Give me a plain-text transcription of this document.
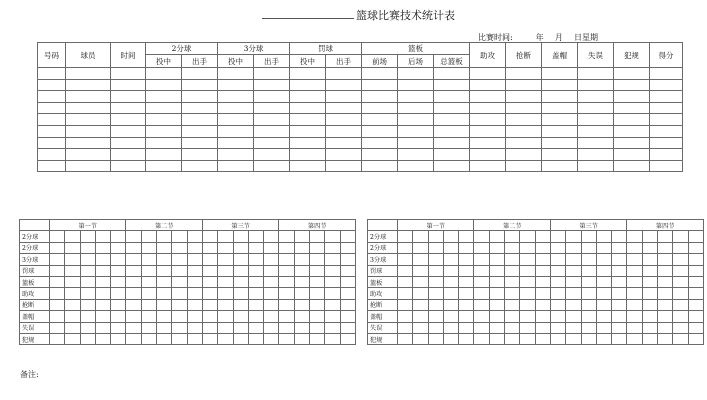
篮球比赛技术统计表
比赛时间:	年 月 日星期
号码	球员	时间	2分球		3分球		罚球		篮板			助攻	抢断	盖帽	失误	犯规	得分
			投中	出手	投中	出手	投中	出手	前场	后场	总篮板						

	第一节					第二节					第三节					第四节				
2分球																				
2分球																				
3分球																				
罚球																				
篮板																				
助攻																				
抢断																				
盖帽																				
失误																				
犯规																				
	第一节					第二节					第三节					第四节				
2分球																				
2分球																				
3分球																				
罚球																				
篮板																				
助攻																				
抢断																				
盖帽																				
失误																				
犯规																				
备注:
